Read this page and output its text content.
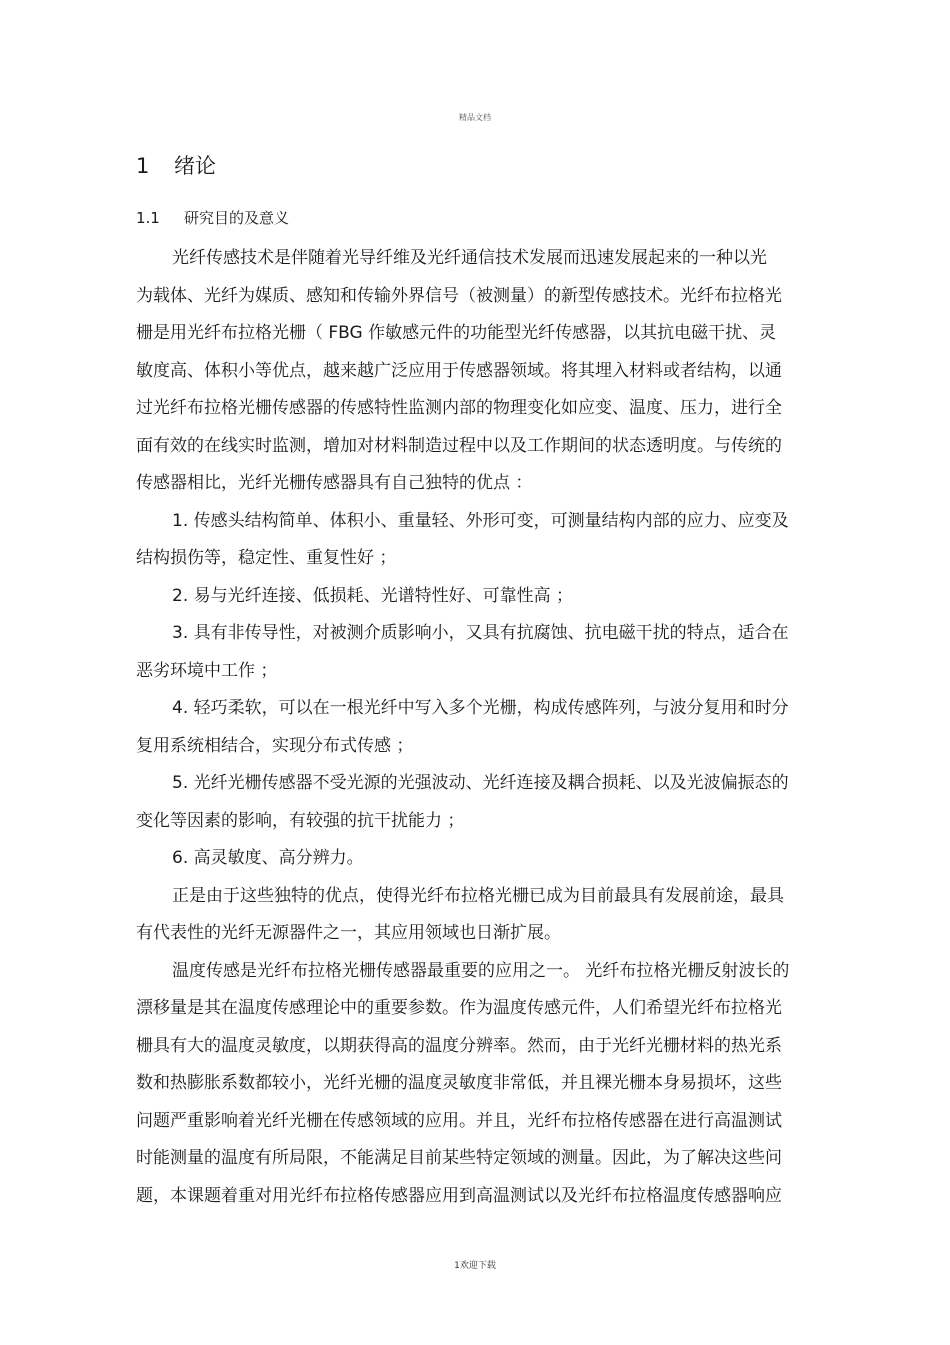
精品文档
1 绪论
1.1 研究目的及意义
光纤传感技术是伴随着光导纤维及光纤通信技术发展而迅速发展起来的一种以光
为载体、光纤为媒质、感知和传输外界信号（被测量）的新型传感技术。光纤布拉格光
栅是用光纤布拉格光栅（ FBG 作敏感元件的功能型光纤传感器，以其抗电磁干扰、灵
敏度高、体积小等优点，越来越广泛应用于传感器领域。将其埋入材料或者结构，以通
过光纤布拉格光栅传感器的传感特性监测内部的物理变化如应变、温度、压力，进行全
面有效的在线实时监测，增加对材料制造过程中以及工作期间的状态透明度。与传统的
传感器相比，光纤光栅传感器具有自己独特的优点 ：
1. 传感头结构简单、体积小、重量轻、外形可变，可测量结构内部的应力、应变及
结构损伤等，稳定性、重复性好 ；
2. 易与光纤连接、低损耗、光谱特性好、可靠性高 ；
3. 具有非传导性，对被测介质影响小，又具有抗腐蚀、抗电磁干扰的特点，适合在
恶劣环境中工作 ；
4. 轻巧柔软，可以在一根光纤中写入多个光栅，构成传感阵列，与波分复用和时分
复用系统相结合，实现分布式传感 ；
5. 光纤光栅传感器不受光源的光强波动、光纤连接及耦合损耗、以及光波偏振态的
变化等因素的影响，有较强的抗干扰能力 ；
6. 高灵敏度、高分辨力。
正是由于这些独特的优点，使得光纤布拉格光栅已成为目前最具有发展前途，最具
有代表性的光纤无源器件之一，其应用领域也日渐扩展。
温度传感是光纤布拉格光栅传感器最重要的应用之一。 光纤布拉格光栅反射波长的
漂移量是其在温度传感理论中的重要参数。作为温度传感元件，人们希望光纤布拉格光
栅具有大的温度灵敏度，以期获得高的温度分辨率。然而，由于光纤光栅材料的热光系
数和热膨胀系数都较小，光纤光栅的温度灵敏度非常低，并且裸光栅本身易损坏，这些
问题严重影响着光纤光栅在传感领域的应用。并且，光纤布拉格传感器在进行高温测试
时能测量的温度有所局限，不能满足目前某些特定领域的测量。因此，为了解决这些问
题，本课题着重对用光纤布拉格传感器应用到高温测试以及光纤布拉格温度传感器响应
1欢迎下载
